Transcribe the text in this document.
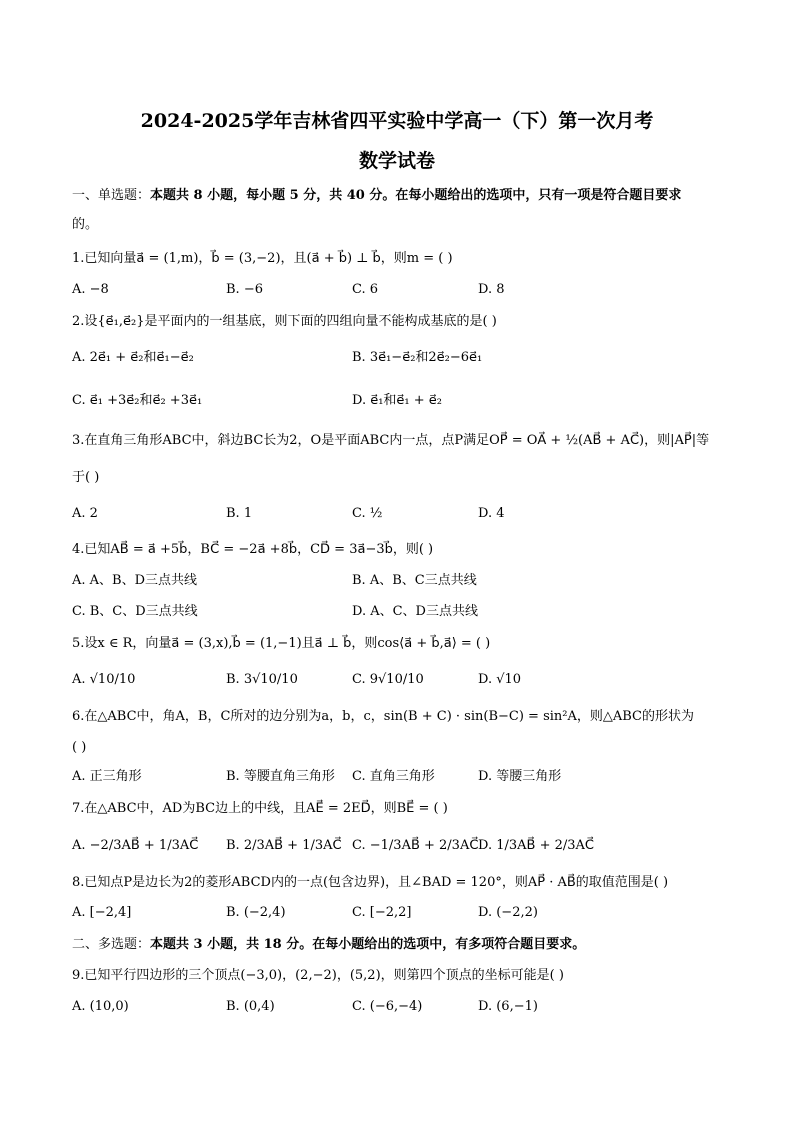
2024-2025学年吉林省四平实验中学高一（下）第一次月考
数学试卷
一、单选题：本题共 8 小题，每小题 5 分，共 40 分。在每小题给出的选项中，只有一项是符合题目要求
的。
1.已知向量a⃗ = (1,m)，b⃗ = (3,−2)，且(a⃗ + b⃗) ⊥ b⃗，则m = ( )
A. −8	B. −6	C. 6	D. 8
2.设{e⃗₁,e⃗₂}是平面内的一组基底，则下面的四组向量不能构成基底的是( )
A. 2e⃗₁ + e⃗₂和e⃗₁−e⃗₂	B. 3e⃗₁−e⃗₂和2e⃗₂−6e⃗₁
C. e⃗₁ +3e⃗₂和e⃗₂ +3e⃗₁	D. e⃗₁和e⃗₁ + e⃗₂
3.在直角三角形ABC中，斜边BC长为2，O是平面ABC内一点，点P满足OP⃗ = OA⃗ + ½(AB⃗ + AC⃗)，则|AP⃗|等
于( )
A. 2	B. 1	C. ½	D. 4
4.已知AB⃗ = a⃗ +5b⃗，BC⃗ = −2a⃗ +8b⃗，CD⃗ = 3a⃗−3b⃗，则( )
A. A、B、D三点共线	B. A、B、C三点共线
C. B、C、D三点共线	D. A、C、D三点共线
5.设x ∈ R，向量a⃗ = (3,x),b⃗ = (1,−1)且a⃗ ⊥ b⃗，则cos⟨a⃗ + b⃗,a⃗⟩ = ( )
A. √10/10	B. 3√10/10	C. 9√10/10	D. √10
6.在△ABC中，角A，B，C所对的边分别为a，b，c，sin(B + C) · sin(B−C) = sin²A，则△ABC的形状为
( )
A. 正三角形	B. 等腰直角三角形 C. 直角三角形	D. 等腰三角形
7.在△ABC中，AD为BC边上的中线，且AE⃗ = 2ED⃗，则BE⃗ = ( )
A. −2/3AB⃗ + 1/3AC⃗ B. 2/3AB⃗ + 1/3AC⃗ C. −1/3AB⃗ + 2/3AC⃗ D. 1/3AB⃗ + 2/3AC⃗
8.已知点P是边长为2的菱形ABCD内的一点(包含边界)，且∠BAD = 120°，则AP⃗ · AB⃗的取值范围是( )
A. [−2,4]	B. (−2,4)	C. [−2,2]	D. (−2,2)
二、多选题：本题共 3 小题，共 18 分。在每小题给出的选项中，有多项符合题目要求。
9.已知平行四边形的三个顶点(−3,0)，(2,−2)，(5,2)，则第四个顶点的坐标可能是( )
A. (10,0)	B. (0,4)	C. (−6,−4)	D. (6,−1)
